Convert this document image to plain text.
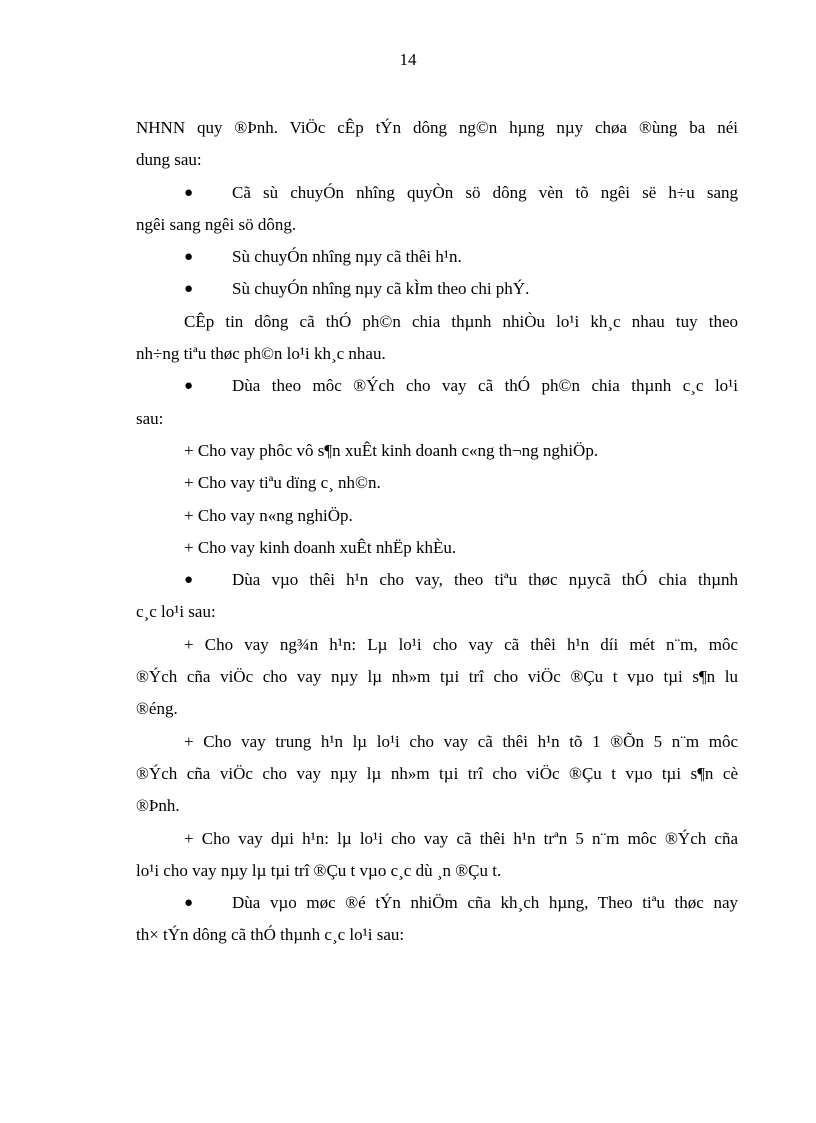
14
NHNN quy ®Þnh. ViÖc cÊp tÝn dông ng©n hµng nµy chøa ®ùng ba néi
dung sau:
● Cã sù chuyÓn nhîng quyÒn sö dông vèn tõ ngêi së h÷u sang
ngêi sang ngêi sö dông.
● Sù chuyÓn nhîng nµy cã thêi h¹n.
● Sù chuyÓn nhîng nµy cã kÌm theo chi phÝ.
CÊp tin dông cã thÓ ph©n chia thµnh nhiÒu lo¹i kh¸c nhau tuy theo
nh÷ng tiªu thøc ph©n lo¹i kh¸c nhau.
● Dùa theo môc ®Ých cho vay cã thÓ ph©n chia thµnh c¸c lo¹i
sau:
+ Cho vay phôc vô s¶n xuÊt kinh doanh c«ng th¬ng nghiÖp.
+ Cho vay tiªu dïng c¸ nh©n.
+ Cho vay n«ng nghiÖp.
+ Cho vay kinh doanh xuÊt nhËp khÈu.
● Dùa vµo thêi h¹n cho vay, theo tiªu thøc nµycã thÓ chia thµnh
c¸c lo¹i sau:
+ Cho vay ng¾n h¹n: Lµ lo¹i cho vay cã thêi h¹n díi mét n¨m, môc
®Ých cña viÖc cho vay nµy lµ nh»m tµi trî cho viÖc ®Çu t vµo tµi s¶n lu
®éng.
+ Cho vay trung h¹n lµ lo¹i cho vay cã thêi h¹n tõ 1 ®Õn 5 n¨m môc
®Ých cña viÖc cho vay nµy lµ nh»m tµi trî cho viÖc ®Çu t vµo tµi s¶n cè
®Þnh.
+ Cho vay dµi h¹n: lµ lo¹i cho vay cã thêi h¹n trªn 5 n¨m môc ®Ých cña
lo¹i cho vay nµy lµ tµi trî ®Çu t vµo c¸c dù ¸n ®Çu t.
● Dùa vµo møc ®é tÝn nhiÖm cña kh¸ch hµng, Theo tiªu thøc nay
th× tÝn dông cã thÓ thµnh c¸c lo¹i sau:
